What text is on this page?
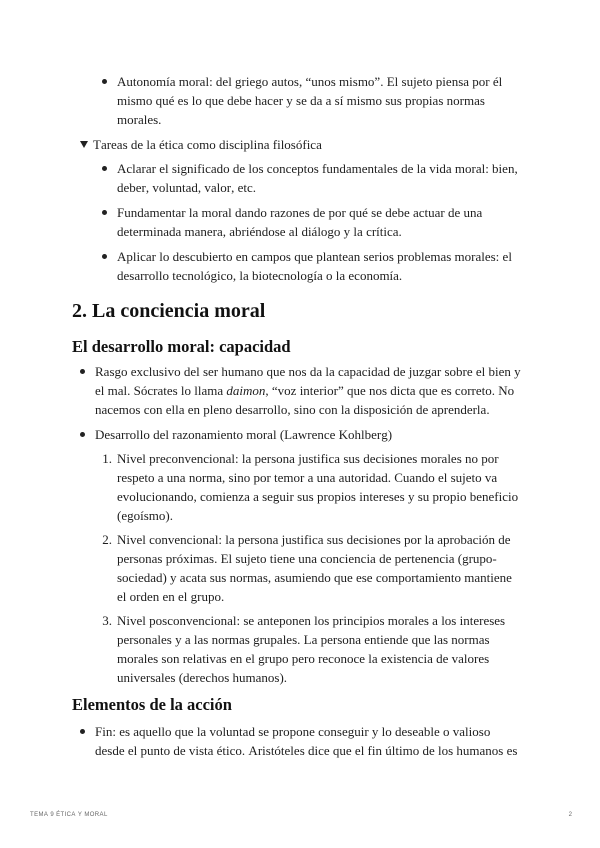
Autonomía moral: del griego autos, “unos mismo”. El sujeto piensa por él mismo qué es lo que debe hacer y se da a sí mismo sus propias normas morales.
Tareas de la ética como disciplina filosófica
Aclarar el significado de los conceptos fundamentales de la vida moral: bien, deber, voluntad, valor, etc.
Fundamentar la moral dando razones de por qué se debe actuar de una determinada manera, abriéndose al diálogo y la crítica.
Aplicar lo descubierto en campos que plantean serios problemas morales: el desarrollo tecnológico, la biotecnología o la economía.
2. La conciencia moral
El desarrollo moral: capacidad
Rasgo exclusivo del ser humano que nos da la capacidad de juzgar sobre el bien y el mal. Sócrates lo llama daimon, “voz interior” que nos dicta que es correto. No nacemos con ella en pleno desarrollo, sino con la disposición de aprenderla.
Desarrollo del razonamiento moral (Lawrence Kohlberg)
1. Nivel preconvencional: la persona justifica sus decisiones morales no por respeto a una norma, sino por temor a una autoridad. Cuando el sujeto va evolucionando, comienza a seguir sus propios intereses y su propio beneficio (egoísmo).
2. Nivel convencional: la persona justifica sus decisiones por la aprobación de personas próximas. El sujeto tiene una conciencia de pertenencia (grupo-sociedad) y acata sus normas, asumiendo que ese comportamiento mantiene el orden en el grupo.
3. Nivel posconvencional: se anteponen los principios morales a los intereses personales y a las normas grupales. La persona entiende que las normas morales son relativas en el grupo pero reconoce la existencia de valores universales (derechos humanos).
Elementos de la acción
Fin: es aquello que la voluntad se propone conseguir y lo deseable o valioso desde el punto de vista ético. Aristóteles dice que el fin último de los humanos es
TEMA 9 ÉTICA Y MORAL	2
